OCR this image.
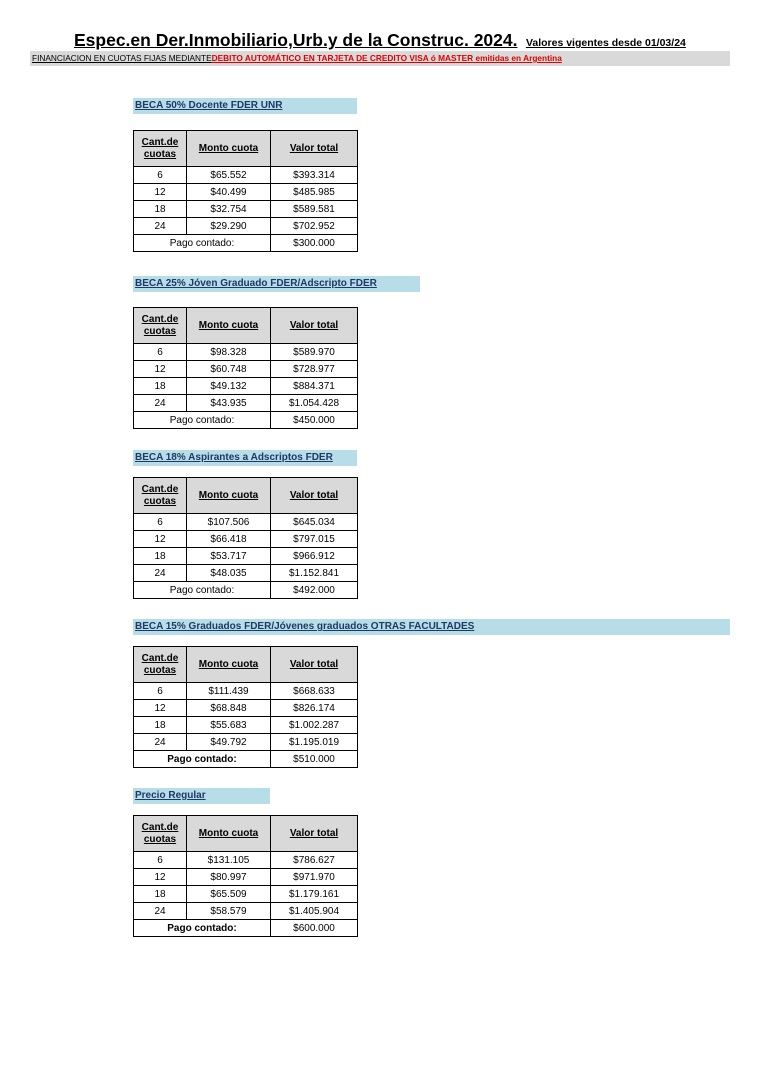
Espec.en Der.Inmobiliario,Urb.y de la Construc. 2024. Valores vigentes desde 01/03/24
FINANCIACION EN CUOTAS FIJAS MEDIANTEDEBITO AUTOMÁTICO EN TARJETA DE CREDITO VISA ó MASTER emitidas en Argentina
BECA 50% Docente FDER UNR
Cant.de cuotas	Monto cuota	Valor total
6	$65.552	$393.314
12	$40.499	$485.985
18	$32.754	$589.581
24	$29.290	$702.952
Pago contado:		$300.000
BECA 25% Jóven Graduado FDER/Adscripto FDER
Cant.de cuotas	Monto cuota	Valor total
6	$98.328	$589.970
12	$60.748	$728.977
18	$49.132	$884.371
24	$43.935	$1.054.428
Pago contado:		$450.000
BECA 18% Aspirantes a Adscriptos FDER
Cant.de cuotas	Monto cuota	Valor total
6	$107.506	$645.034
12	$66.418	$797.015
18	$53.717	$966.912
24	$48.035	$1.152.841
Pago contado:		$492.000
BECA 15% Graduados FDER/Jóvenes graduados OTRAS FACULTADES
Cant.de cuotas	Monto cuota	Valor total
6	$111.439	$668.633
12	$68.848	$826.174
18	$55.683	$1.002.287
24	$49.792	$1.195.019
Pago contado:		$510.000
Precio Regular
Cant.de cuotas	Monto cuota	Valor total
6	$131.105	$786.627
12	$80.997	$971.970
18	$65.509	$1.179.161
24	$58.579	$1.405.904
Pago contado:		$600.000
